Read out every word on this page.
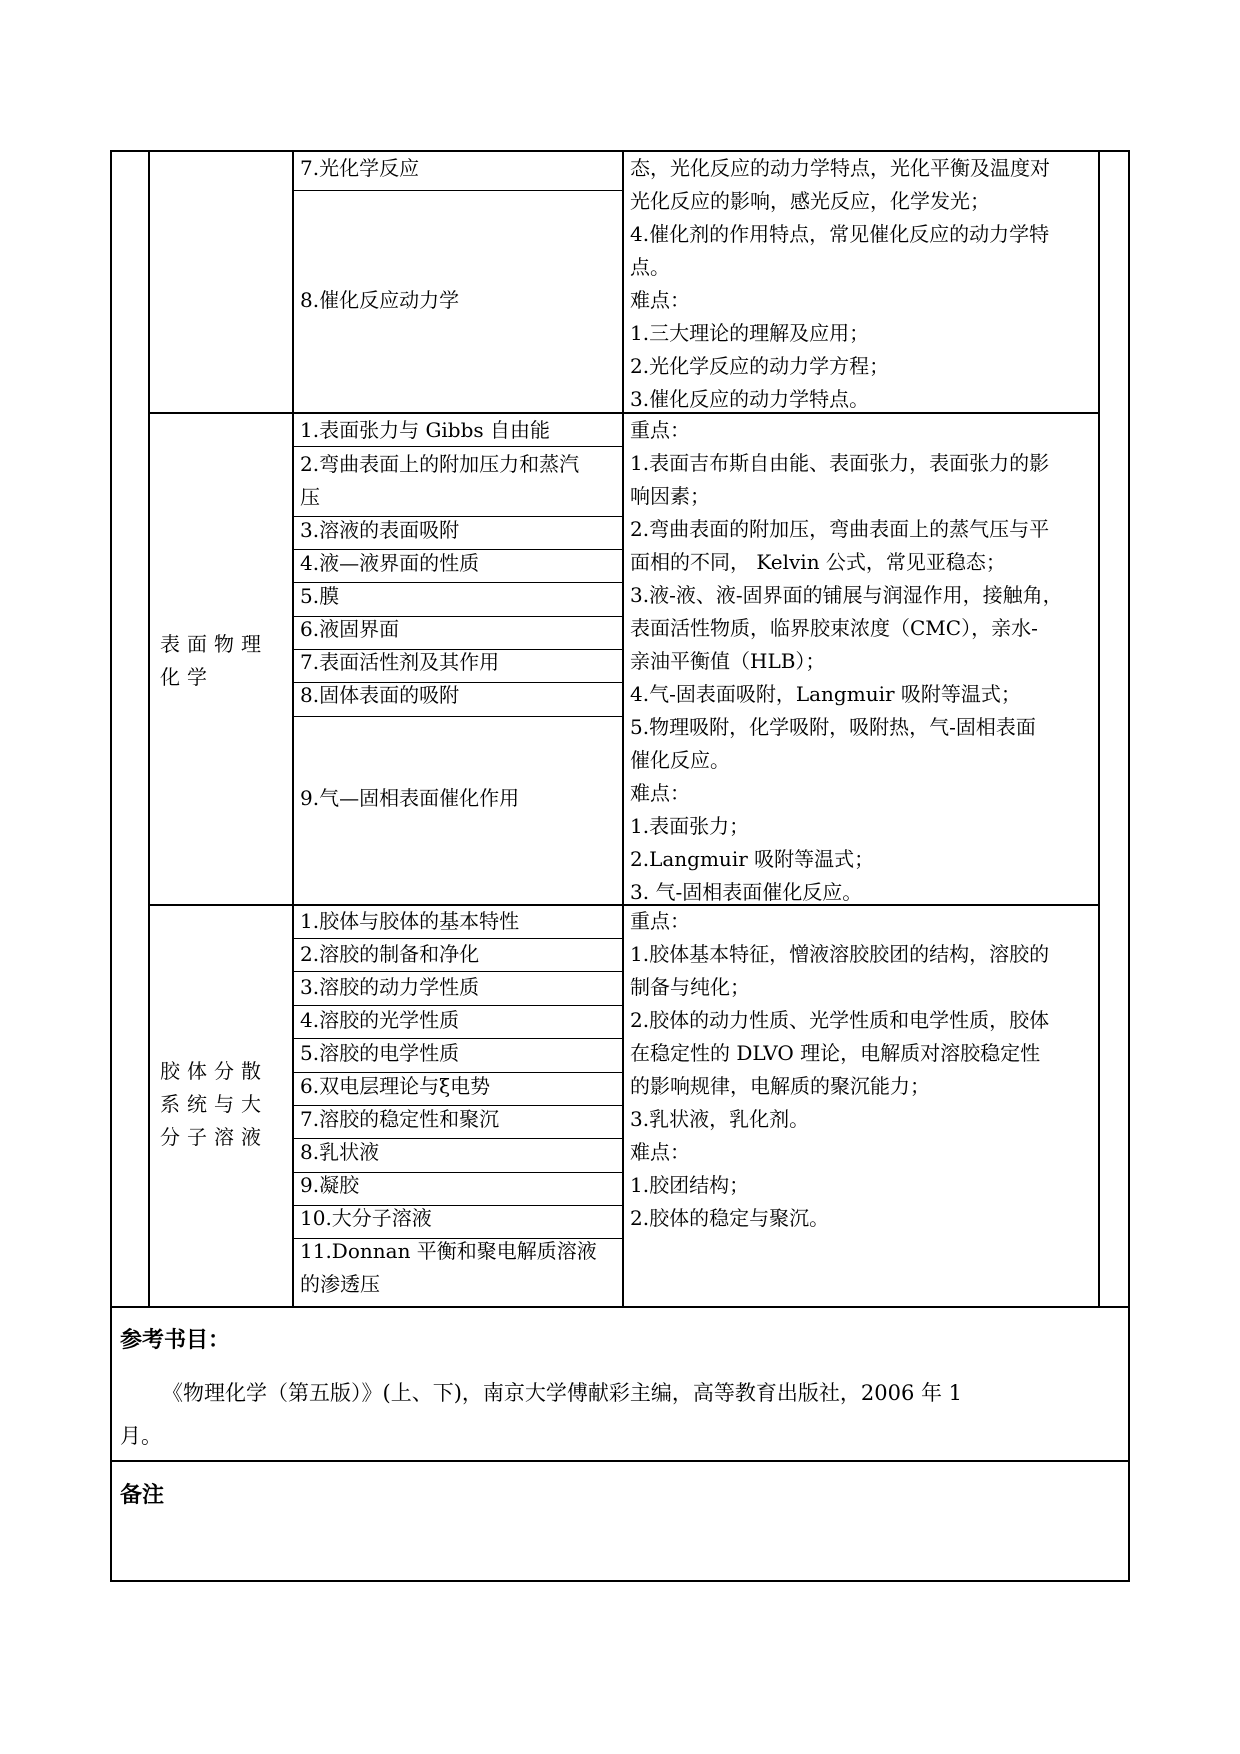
7.光化学反应
8.催化反应动力学
态，光化反应的动力学特点，光化平衡及温度对
光化反应的影响，感光反应，化学发光；
4.催化剂的作用特点，常见催化反应的动力学特
点。
难点：
1.三大理论的理解及应用；
2.光化学反应的动力学方程；
3.催化反应的动力学特点。
表面物理化学
1.表面张力与 Gibbs 自由能
2.弯曲表面上的附加压力和蒸汽
压
3.溶液的表面吸附
4.液—液界面的性质
5.膜
6.液固界面
7.表面活性剂及其作用
8.固体表面的吸附
9.气—固相表面催化作用
重点：
1.表面吉布斯自由能、表面张力，表面张力的影
响因素；
2.弯曲表面的附加压，弯曲表面上的蒸气压与平
面相的不同， Kelvin 公式，常见亚稳态；
3.液-液、液-固界面的铺展与润湿作用，接触角，
表面活性物质，临界胶束浓度（CMC），亲水-
亲油平衡值（HLB）；
4.气-固表面吸附，Langmuir 吸附等温式；
5.物理吸附，化学吸附，吸附热，气-固相表面
催化反应。
难点：
1.表面张力；
2.Langmuir 吸附等温式；
3. 气-固相表面催化反应。
胶体分散系统与大分子溶液
1.胶体与胶体的基本特性
2.溶胶的制备和净化
3.溶胶的动力学性质
4.溶胶的光学性质
5.溶胶的电学性质
6.双电层理论与ξ电势
7.溶胶的稳定性和聚沉
8.乳状液
9.凝胶
10.大分子溶液
11.Donnan 平衡和聚电解质溶液
的渗透压
重点：
1.胶体基本特征，憎液溶胶胶团的结构，溶胶的
制备与纯化；
2.胶体的动力性质、光学性质和电学性质，胶体
在稳定性的 DLVO 理论，电解质对溶胶稳定性
的影响规律，电解质的聚沉能力；
3.乳状液，乳化剂。
难点：
1.胶团结构；
2.胶体的稳定与聚沉。
参考书目：
《物理化学（第五版）》(上、下)，南京大学傅献彩主编，高等教育出版社，2006 年 1
月。
备注
